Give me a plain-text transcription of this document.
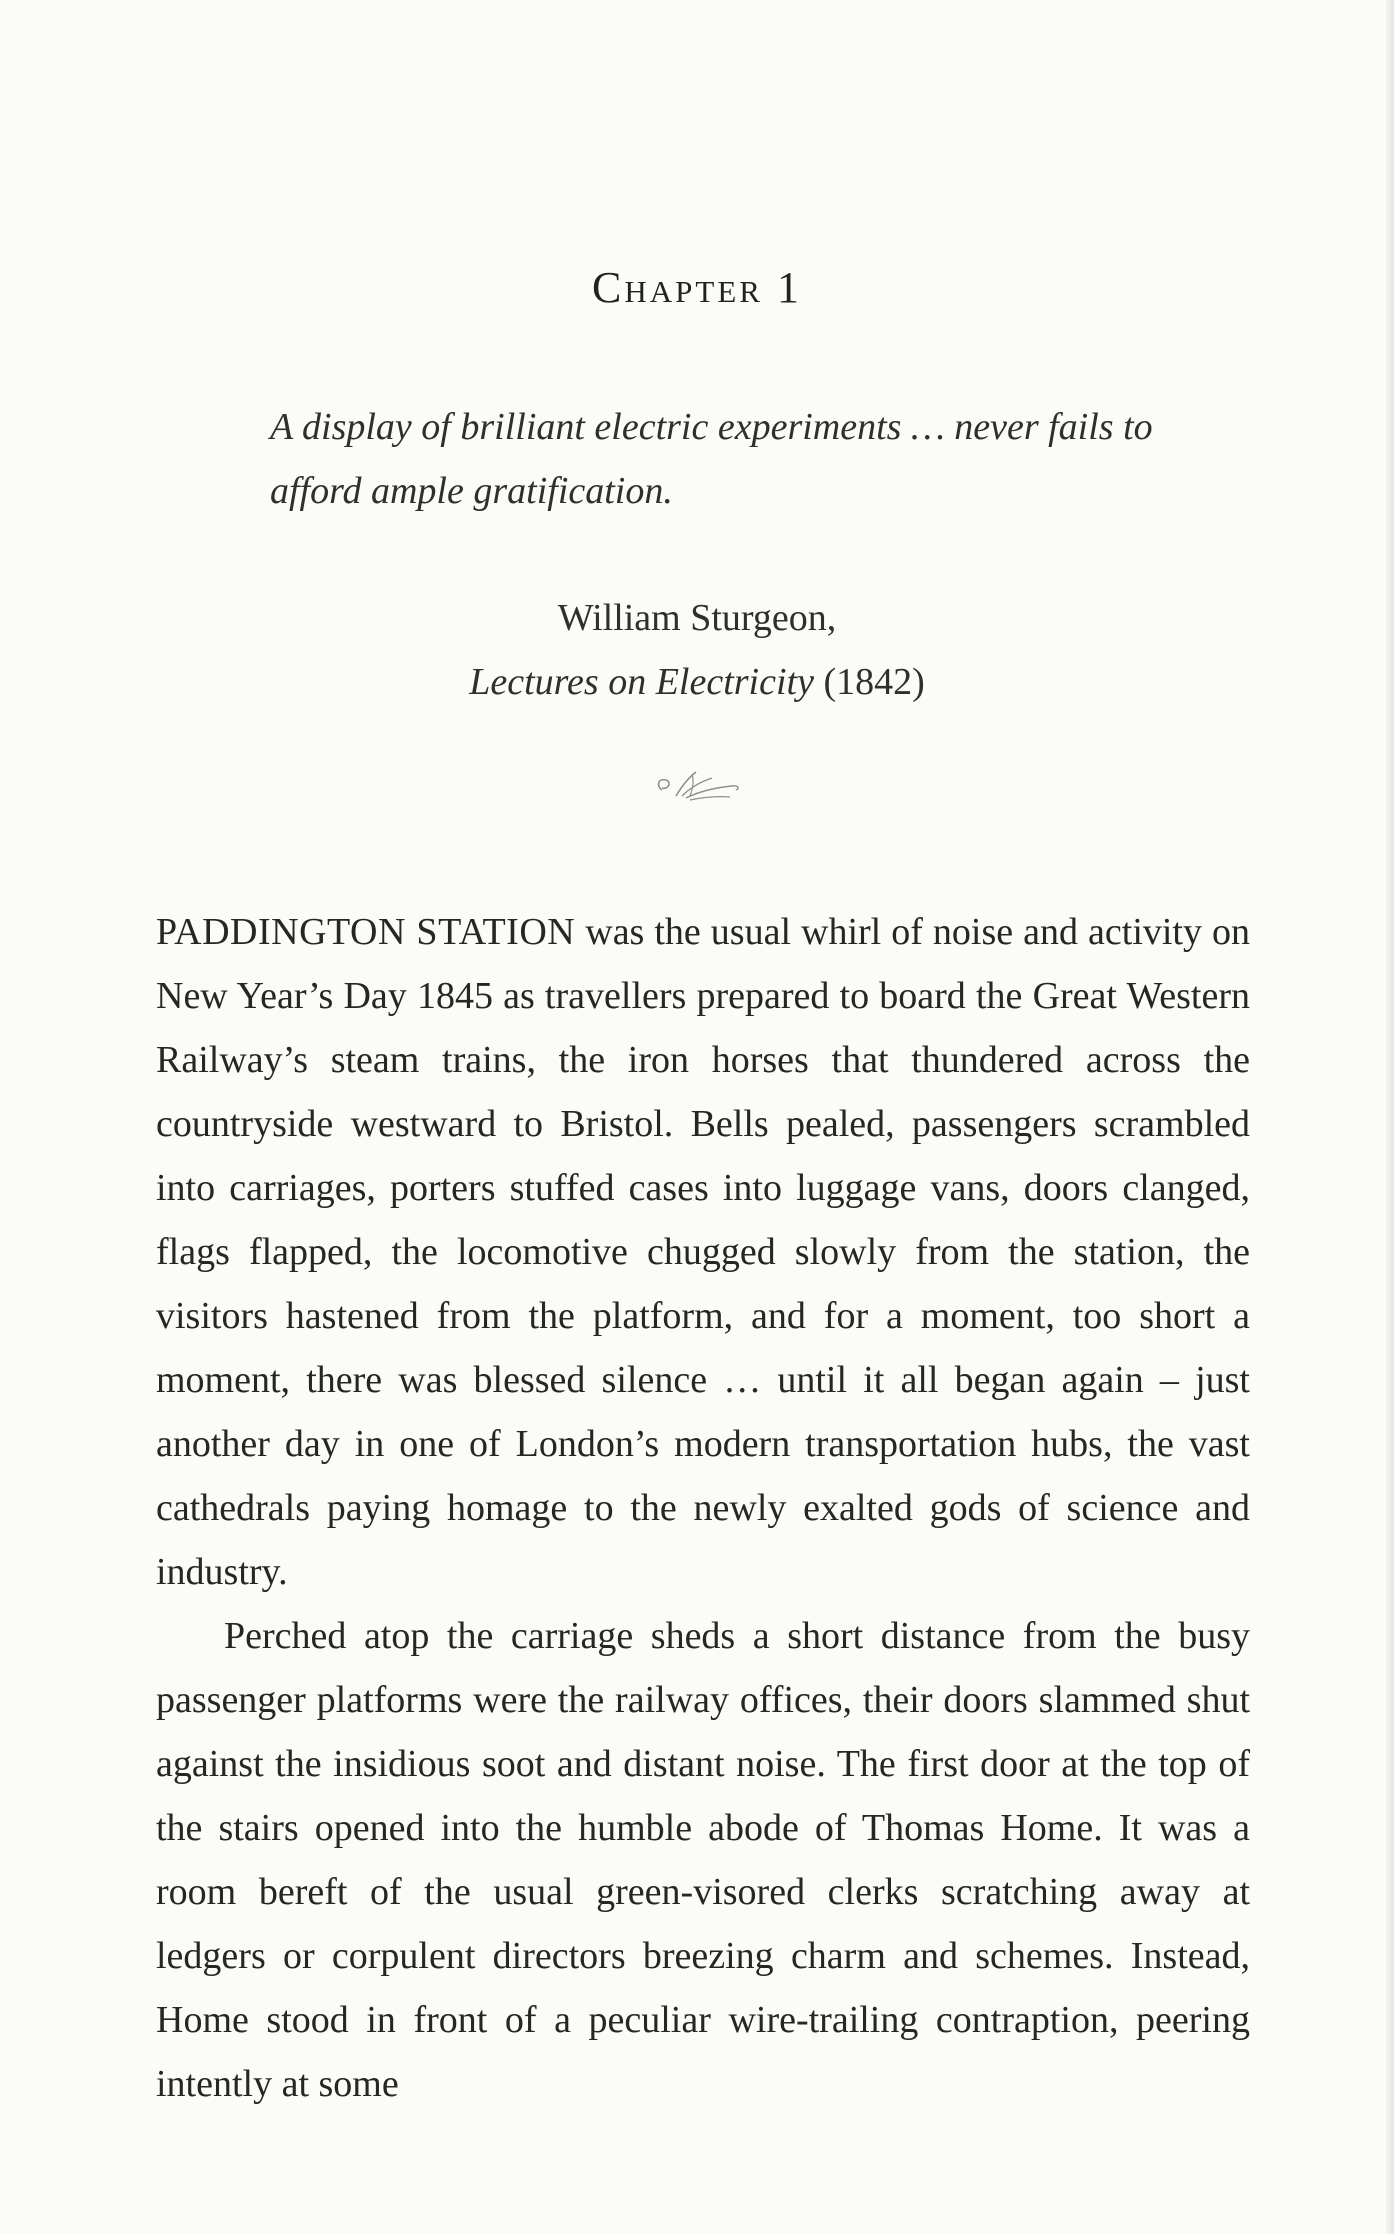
Chapter 1
A display of brilliant electric experiments … never fails to afford ample gratification.
William Sturgeon,
Lectures on Electricity (1842)

PADDINGTON STATION was the usual whirl of noise and activity on New Year’s Day 1845 as travellers prepared to board the Great Western Railway’s steam trains, the iron horses that thundered across the countryside westward to Bristol. Bells pealed, passengers scrambled into carriages, porters stuffed cases into luggage vans, doors clanged, flags flapped, the locomotive chugged slowly from the station, the visitors hastened from the platform, and for a moment, too short a moment, there was blessed silence … until it all began again – just another day in one of London’s modern transportation hubs, the vast cathedrals paying homage to the newly exalted gods of science and industry.

Perched atop the carriage sheds a short distance from the busy passenger platforms were the railway offices, their doors slammed shut against the insidious soot and distant noise. The first door at the top of the stairs opened into the humble abode of Thomas Home. It was a room bereft of the usual green-visored clerks scratching away at ledgers or corpulent directors breezing charm and schemes. Instead, Home stood in front of a peculiar wire-trailing contraption, peering intently at some
